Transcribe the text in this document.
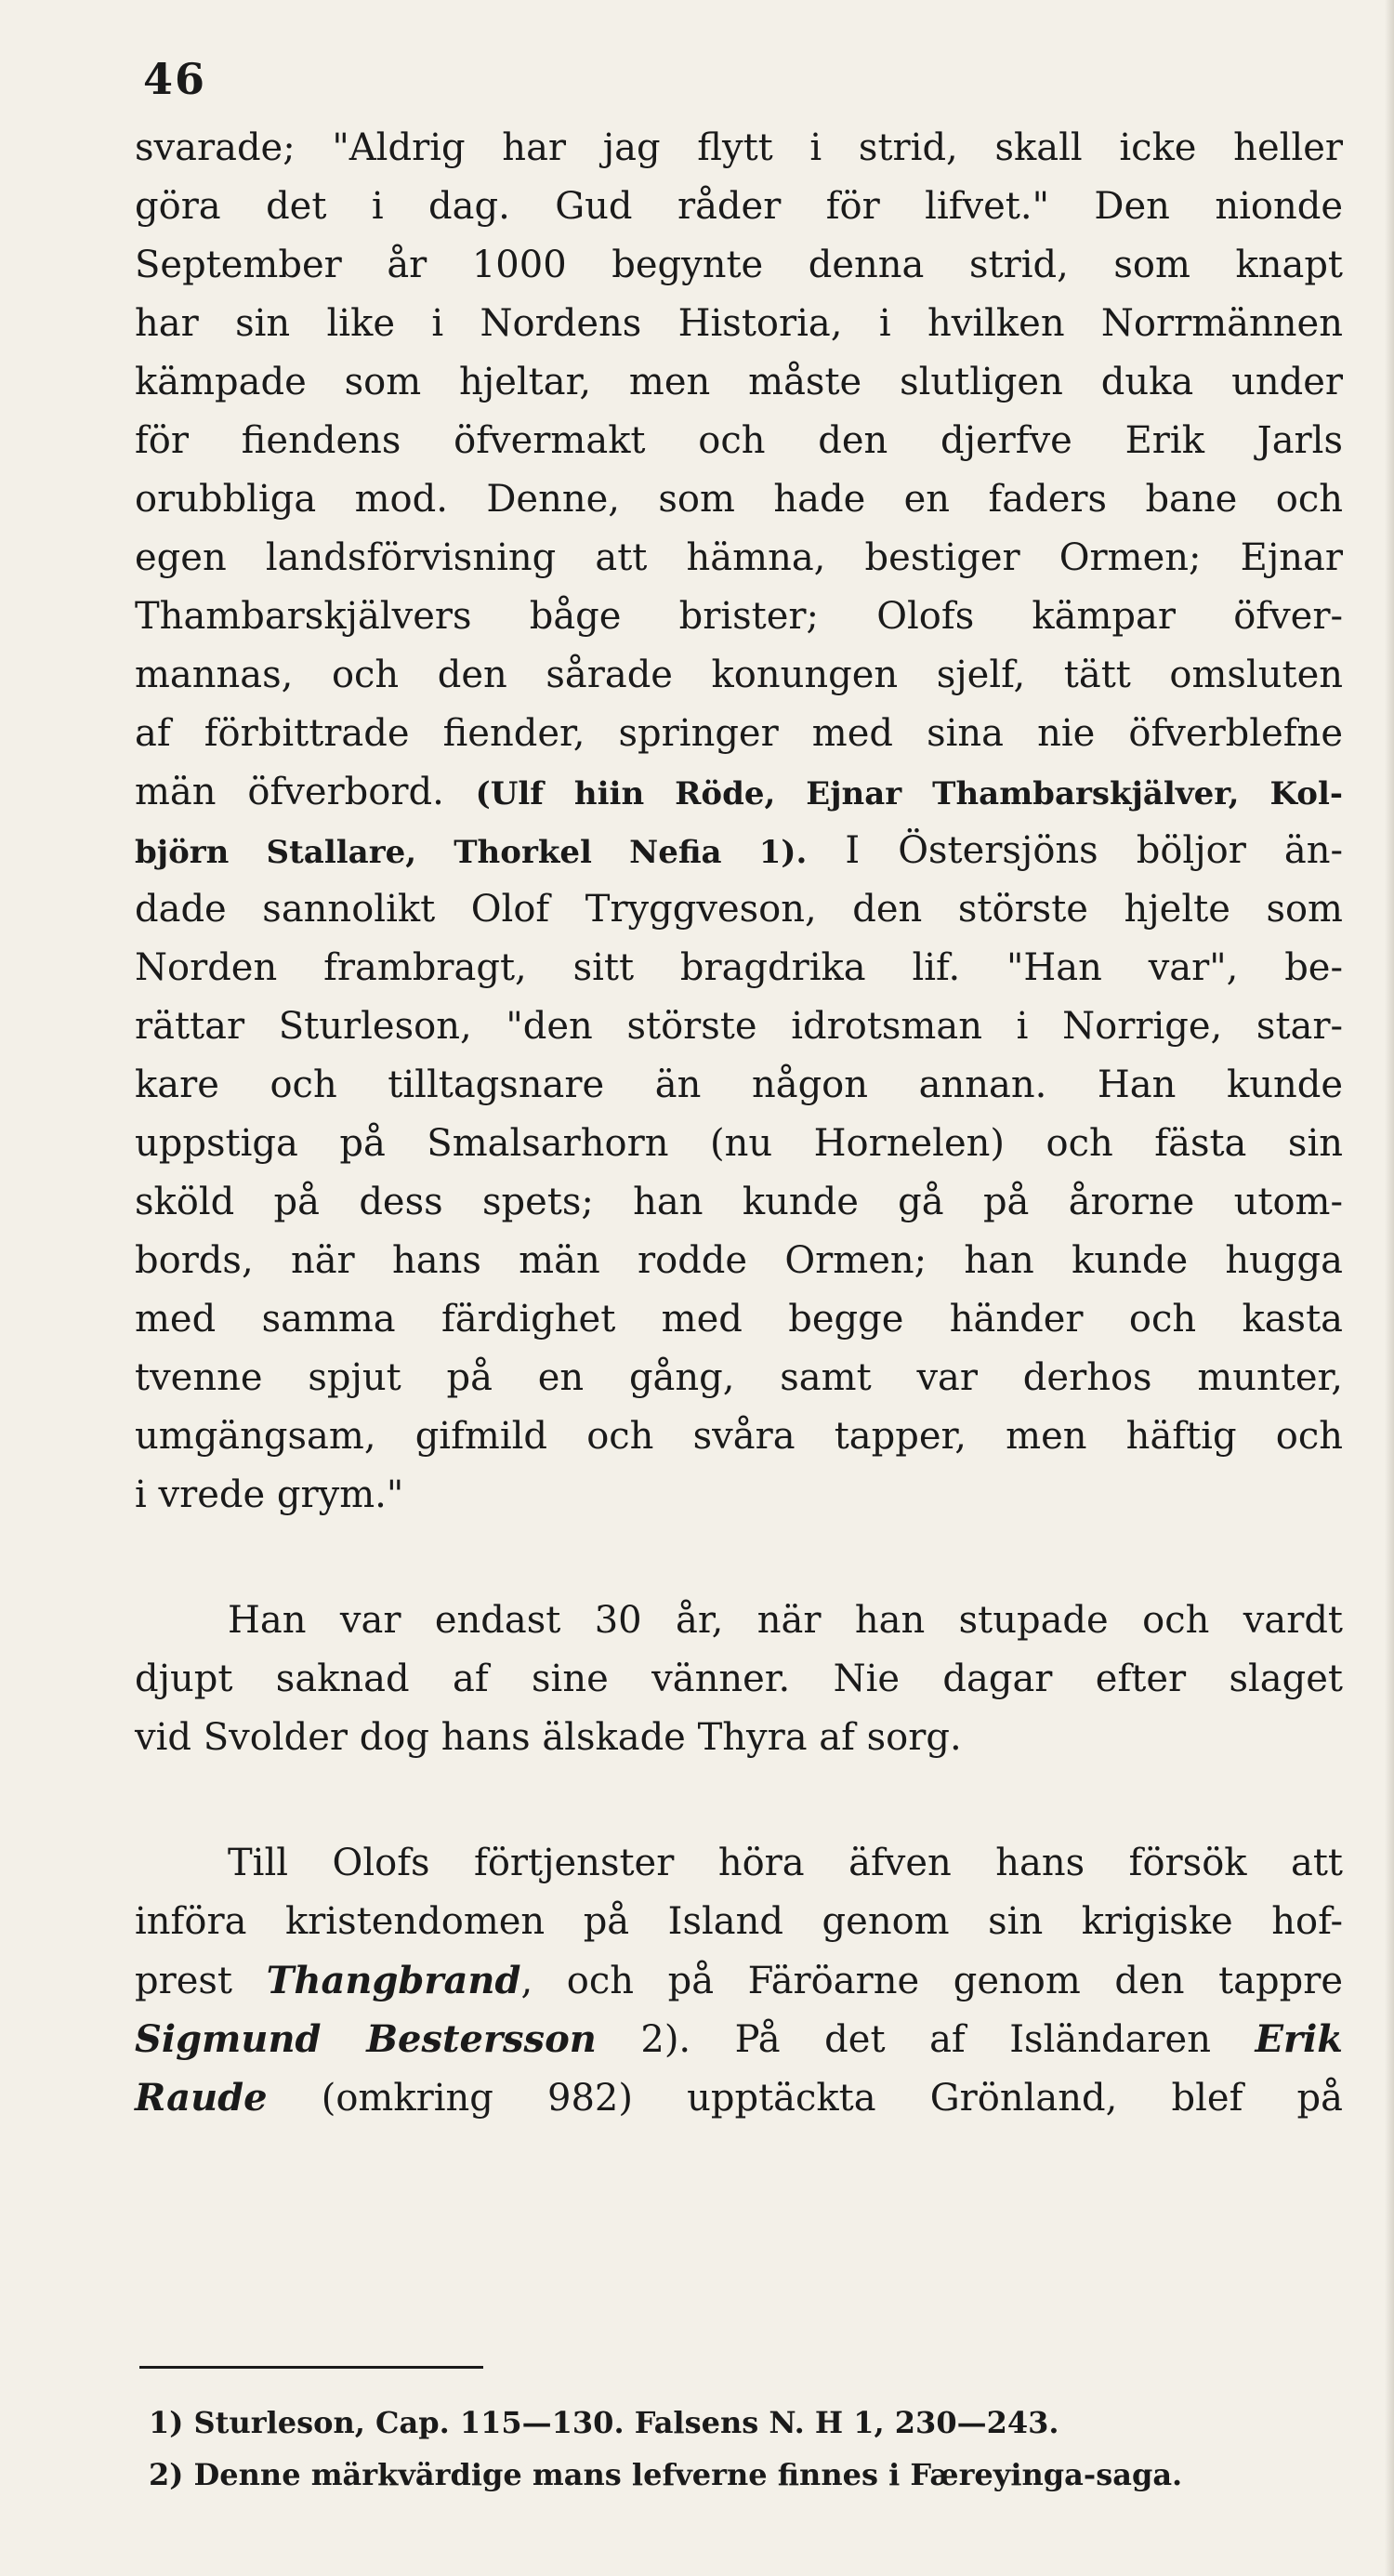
46
svarade; "Aldrig har jag flytt i strid, skall icke heller
göra det i dag. Gud råder för lifvet." Den nionde
September år 1000 begynte denna strid, som knapt
har sin like i Nordens Historia, i hvilken Norrmännen
kämpade som hjeltar, men måste slutligen duka under
för fiendens öfvermakt och den djerfve Erik Jarls
orubbliga mod. Denne, som hade en faders bane och
egen landsförvisning att hämna, bestiger Ormen; Ejnar
Thambarskjälvers båge brister; Olofs kämpar öfver-
mannas, och den sårade konungen sjelf, tätt omsluten
af förbittrade fiender, springer med sina nie öfverblefne
män öfverbord. (Ulf hiin Röde, Ejnar Thambarskjälver, Kol-
björn Stallare, Thorkel Nefia 1). I Östersjöns böljor än-
dade sannolikt Olof Tryggveson, den störste hjelte som
Norden frambragt, sitt bragdrika lif. "Han var", be-
rättar Sturleson, "den störste idrotsman i Norrige, star-
kare och tilltagsnare än någon annan. Han kunde
uppstiga på Smalsarhorn (nu Hornelen) och fästa sin
sköld på dess spets; han kunde gå på årorne utom-
bords, när hans män rodde Ormen; han kunde hugga
med samma färdighet med begge händer och kasta
tvenne spjut på en gång, samt var derhos munter,
umgängsam, gifmild och svåra tapper, men häftig och
i vrede grym."
Han var endast 30 år, när han stupade och vardt
djupt saknad af sine vänner. Nie dagar efter slaget
vid Svolder dog hans älskade Thyra af sorg.
Till Olofs förtjenster höra äfven hans försök att
införa kristendomen på Island genom sin krigiske hof-
prest Thangbrand, och på Färöarne genom den tappre
Sigmund Bestersson 2). På det af Isländaren Erik
Raude (omkring 982) upptäckta Grönland, blef på
1) Sturleson, Cap. 115—130. Falsens N. H 1, 230—243.
2) Denne märkvärdige mans lefverne finnes i Færeyinga-saga.
